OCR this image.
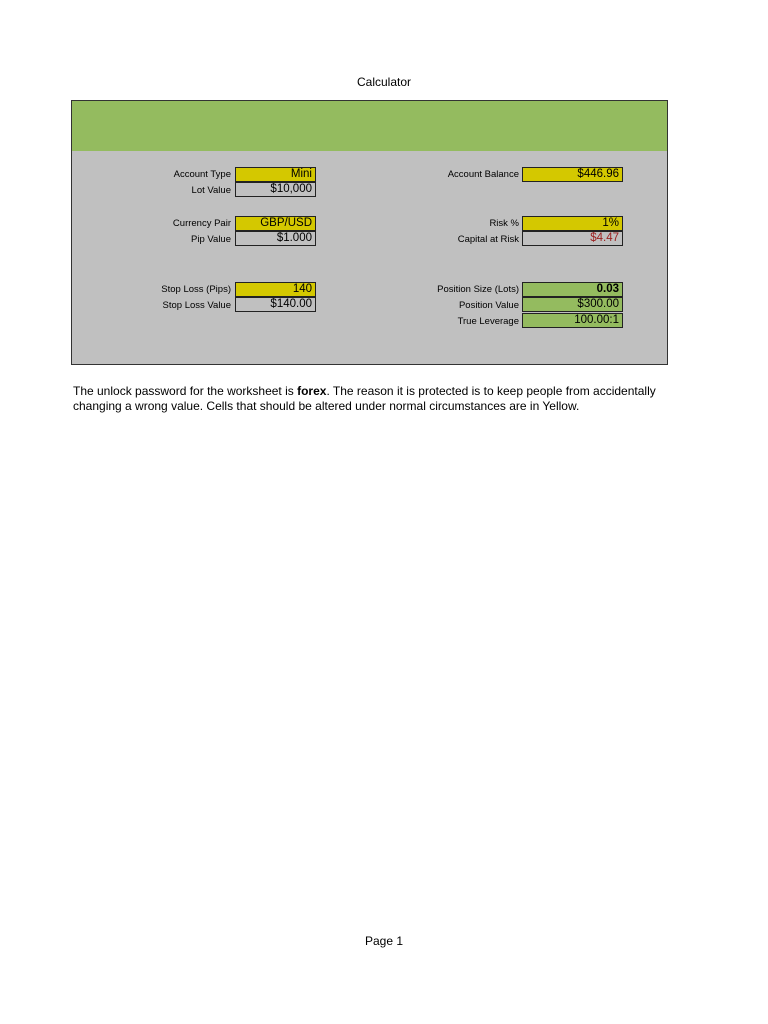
Calculator
Account Type	Mini
Lot Value	$10,000
Currency Pair	GBP/USD
Pip Value	$1.000
Stop Loss (Pips)	140
Stop Loss Value	$140.00
Account Balance	$446.96
Risk %	1%
Capital at Risk	$4.47
Position Size (Lots)	0.03
Position Value	$300.00
True Leverage	100.00:1
The unlock password for the worksheet is forex. The reason it is protected is to keep people from accidentally changing a wrong value. Cells that should be altered under normal circumstances are in Yellow.
Page 1
